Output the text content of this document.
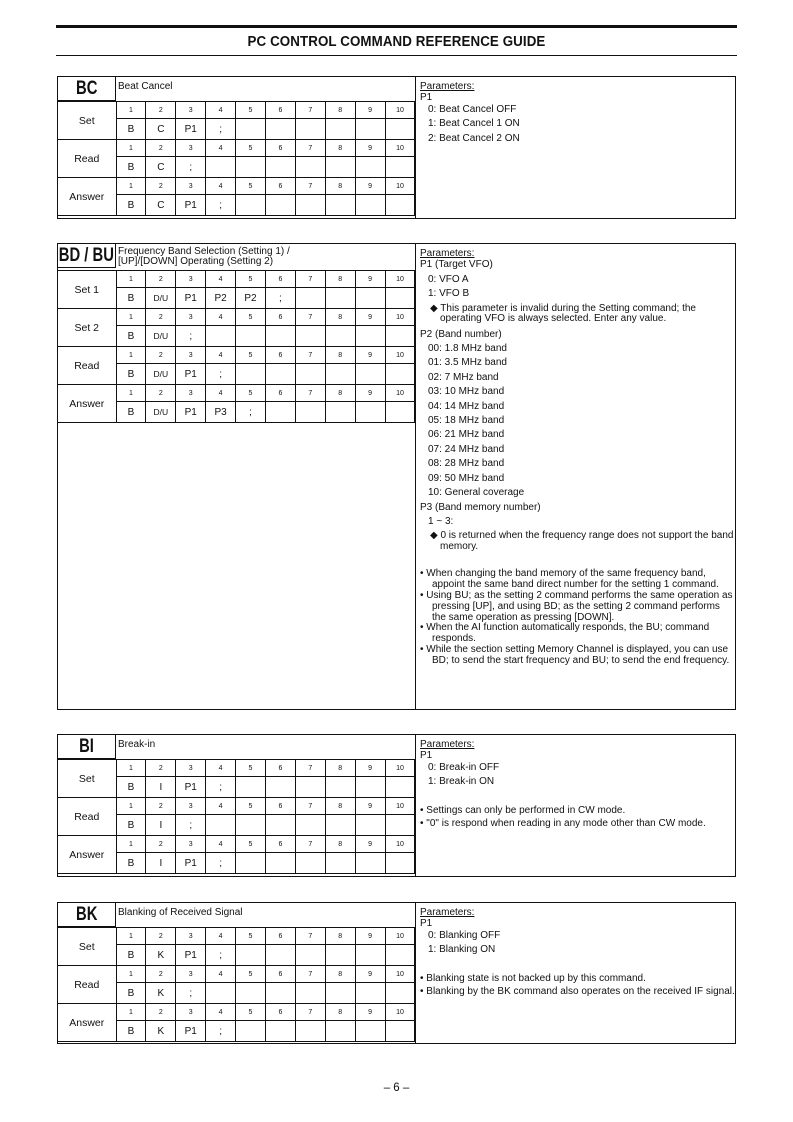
PC CONTROL COMMAND REFERENCE GUIDE
BC Beat Cancel
Set	1	2	3	4	5	6	7	8	9	10
	B	C	P1	;						
Read	1	2	3	4	5	6	7	8	9	10
	B	C	;							
Answer	1	2	3	4	5	6	7	8	9	10
	B	C	P1	;						
Parameters:
P1
0: Beat Cancel OFF
1: Beat Cancel 1 ON
2: Beat Cancel 2 ON
BD / BU Frequency Band Selection (Setting 1) /
[UP]/[DOWN] Operating (Setting 2)
Set 1	1	2	3	4	5	6	7	8	9	10
	B	D/U	P1	P2	P2	;				
Set 2	1	2	3	4	5	6	7	8	9	10
	B	D/U	;							
Read	1	2	3	4	5	6	7	8	9	10
	B	D/U	P1	;						
Answer	1	2	3	4	5	6	7	8	9	10
	B	D/U	P1	P3	;					
Parameters:
P1 (Target VFO)
0: VFO A
1: VFO B
◆ This parameter is invalid during the Setting command; the operating VFO is always selected. Enter any value.
P2 (Band number)
00: 1.8 MHz band
01: 3.5 MHz band
02: 7 MHz band
03: 10 MHz band
04: 14 MHz band
05: 18 MHz band
06: 21 MHz band
07: 24 MHz band
08: 28 MHz band
09: 50 MHz band
10: General coverage
P3 (Band memory number)
1 ~ 3:
◆ 0 is returned when the frequency range does not support the band memory.
• When changing the band memory of the same frequency band, appoint the same band direct number for the setting 1 command.
• Using BU; as the setting 2 command performs the same operation as pressing [UP], and using BD; as the setting 2 command performs the same operation as pressing [DOWN].
• When the AI function automatically responds, the BU; command responds.
• While the section setting Memory Channel is displayed, you can use BD; to send the start frequency and BU; to send the end frequency.
BI Break-in
Set	1	2	3	4	5	6	7	8	9	10
	B	I	P1	;						
Read	1	2	3	4	5	6	7	8	9	10
	B	I	;							
Answer	1	2	3	4	5	6	7	8	9	10
	B	I	P1	;						
Parameters:
P1
0: Break-in OFF
1: Break-in ON
• Settings can only be performed in CW mode.
• "0" is respond when reading in any mode other than CW mode.
BK Blanking of Received Signal
Set	1	2	3	4	5	6	7	8	9	10
	B	K	P1	;						
Read	1	2	3	4	5	6	7	8	9	10
	B	K	;							
Answer	1	2	3	4	5	6	7	8	9	10
	B	K	P1	;						
Parameters:
P1
0: Blanking OFF
1: Blanking ON
• Blanking state is not backed up by this command.
• Blanking by the BK command also operates on the received IF signal.
– 6 –
